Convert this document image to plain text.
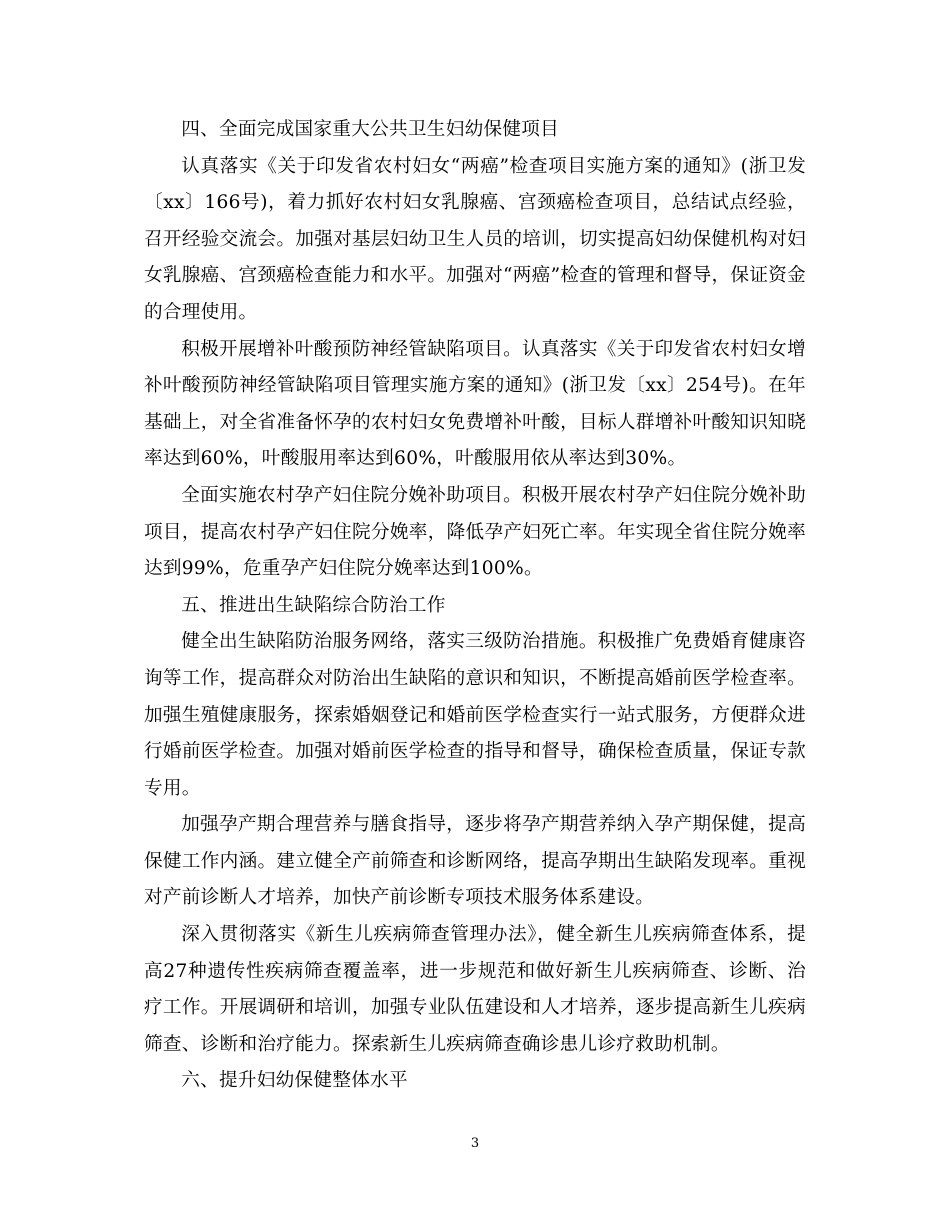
四、全面完成国家重大公共卫生妇幼保健项目

认真落实《关于印发省农村妇女“两癌”检查项目实施方案的通知》(浙卫发〔xx〕166号)，着力抓好农村妇女乳腺癌、宫颈癌检查项目，总结试点经验，召开经验交流会。加强对基层妇幼卫生人员的培训，切实提高妇幼保健机构对妇女乳腺癌、宫颈癌检查能力和水平。加强对“两癌”检查的管理和督导，保证资金的合理使用。

积极开展增补叶酸预防神经管缺陷项目。认真落实《关于印发省农村妇女增补叶酸预防神经管缺陷项目管理实施方案的通知》(浙卫发〔xx〕254号)。在年基础上，对全省准备怀孕的农村妇女免费增补叶酸，目标人群增补叶酸知识知晓率达到60%，叶酸服用率达到60%，叶酸服用依从率达到30%。

全面实施农村孕产妇住院分娩补助项目。积极开展农村孕产妇住院分娩补助项目，提高农村孕产妇住院分娩率，降低孕产妇死亡率。年实现全省住院分娩率达到99%，危重孕产妇住院分娩率达到100%。

五、推进出生缺陷综合防治工作

健全出生缺陷防治服务网络，落实三级防治措施。积极推广免费婚育健康咨询等工作，提高群众对防治出生缺陷的意识和知识，不断提高婚前医学检查率。加强生殖健康服务，探索婚姻登记和婚前医学检查实行一站式服务，方便群众进行婚前医学检查。加强对婚前医学检查的指导和督导，确保检查质量，保证专款专用。

加强孕产期合理营养与膳食指导，逐步将孕产期营养纳入孕产期保健，提高保健工作内涵。建立健全产前筛查和诊断网络，提高孕期出生缺陷发现率。重视对产前诊断人才培养，加快产前诊断专项技术服务体系建设。

深入贯彻落实《新生儿疾病筛查管理办法》，健全新生儿疾病筛查体系，提高27种遗传性疾病筛查覆盖率，进一步规范和做好新生儿疾病筛查、诊断、治疗工作。开展调研和培训，加强专业队伍建设和人才培养，逐步提高新生儿疾病筛查、诊断和治疗能力。探索新生儿疾病筛查确诊患儿诊疗救助机制。

六、提升妇幼保健整体水平

3
